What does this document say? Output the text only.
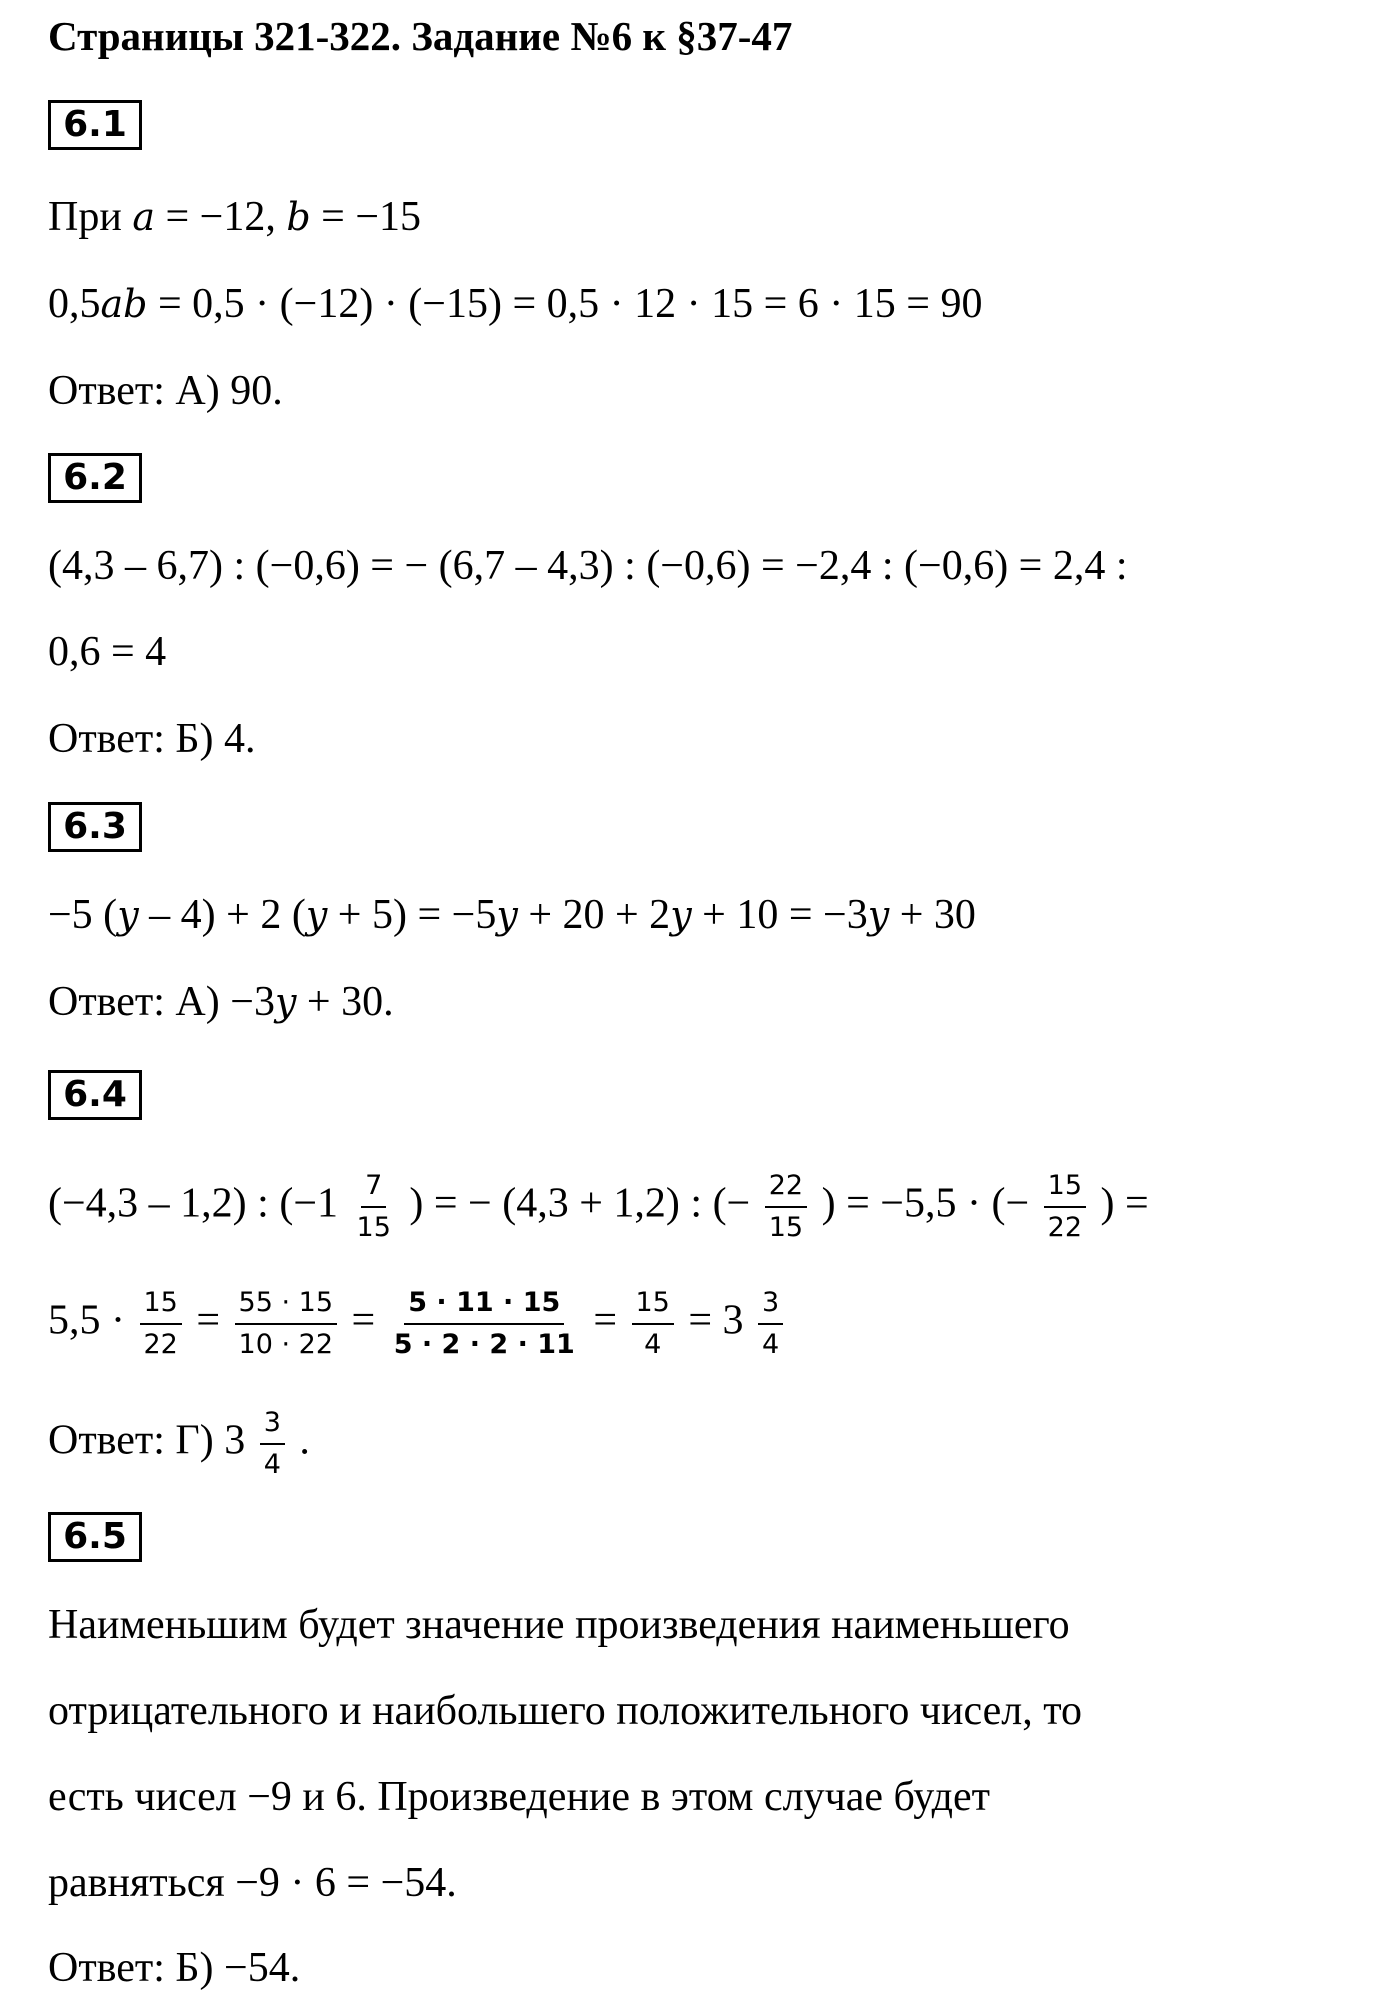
Страницы 321-322. Задание №6 к §37-47
6.1
При a = −12, b = −15
0,5ab = 0,5 · (−12) · (−15) = 0,5 · 12 · 15 = 6 · 15 = 90
Ответ: А) 90.
6.2
(4,3 – 6,7) : (−0,6) = − (6,7 – 4,3) : (−0,6) = −2,4 : (−0,6) = 2,4 :
0,6 = 4
Ответ: Б) 4.
6.3
−5 (y – 4) + 2 (y + 5) = −5y + 20 + 2y + 10 = −3y + 30
Ответ: А) −3y + 30.
6.4
(−4,3 – 1,2) : ($-1 \frac{7}{15}$ ) = − (4,3 + 1,2) : (− $\frac{22}{15}$ ) = −5,5 · (− $\frac{15}{22}$ ) =
$5,5 \cdot \frac{15}{22} = \frac{55 \cdot 15}{10 \cdot 22} = \frac{5 \cdot 11 \cdot 15}{5 \cdot 2 \cdot 2 \cdot 11} = \frac{15}{4} = 3 \frac{3}{4}$
Ответ: Г) $3 \frac{3}{4}$ .
6.5
Наименьшим будет значение произведения наименьшего
отрицательного и наибольшего положительного чисел, то
есть чисел −9 и 6. Произведение в этом случае будет
равняться −9 · 6 = −54.
Ответ: Б) −54.
